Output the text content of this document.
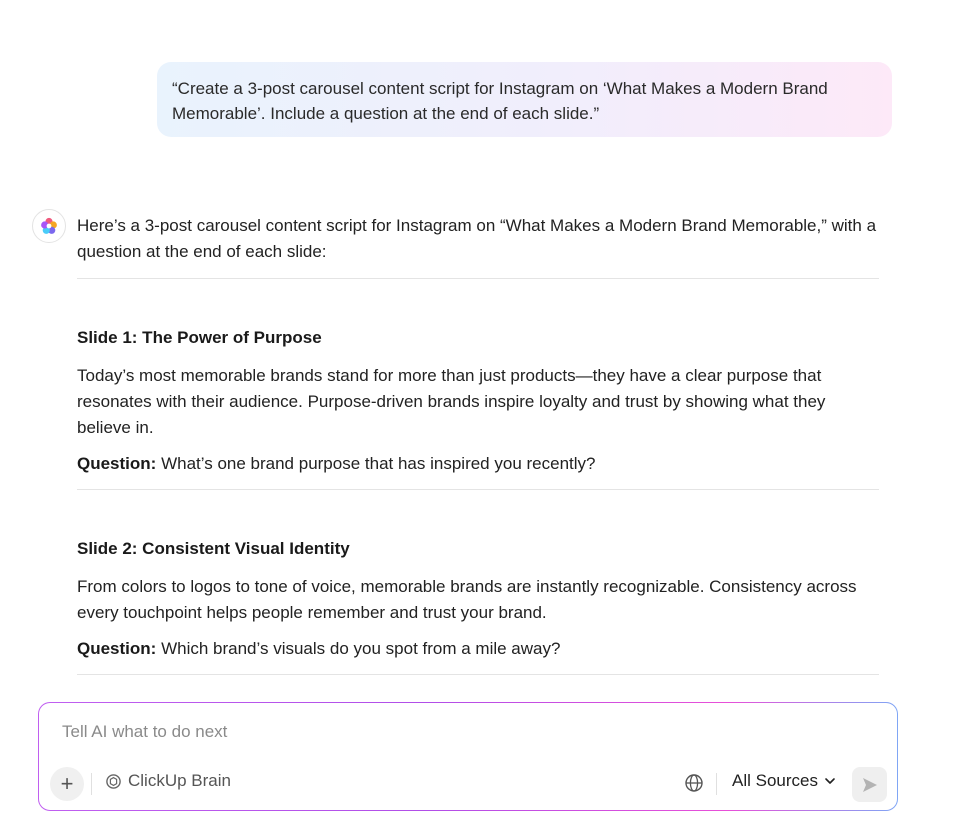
“Create a 3-post carousel content script for Instagram on ‘What Makes a Modern Brand Memorable’. Include a question at the end of each slide.”

Here’s a 3-post carousel content script for Instagram on “What Makes a Modern Brand Memorable,” with a question at the end of each slide:

Slide 1: The Power of Purpose

Today’s most memorable brands stand for more than just products—they have a clear purpose that resonates with their audience. Purpose-driven brands inspire loyalty and trust by showing what they believe in.

Question: What’s one brand purpose that has inspired you recently?

Slide 2: Consistent Visual Identity

From colors to logos to tone of voice, memorable brands are instantly recognizable. Consistency across every touchpoint helps people remember and trust your brand.

Question: Which brand’s visuals do you spot from a mile away?

Tell AI what to do next
+	ClickUp Brain	All Sources
